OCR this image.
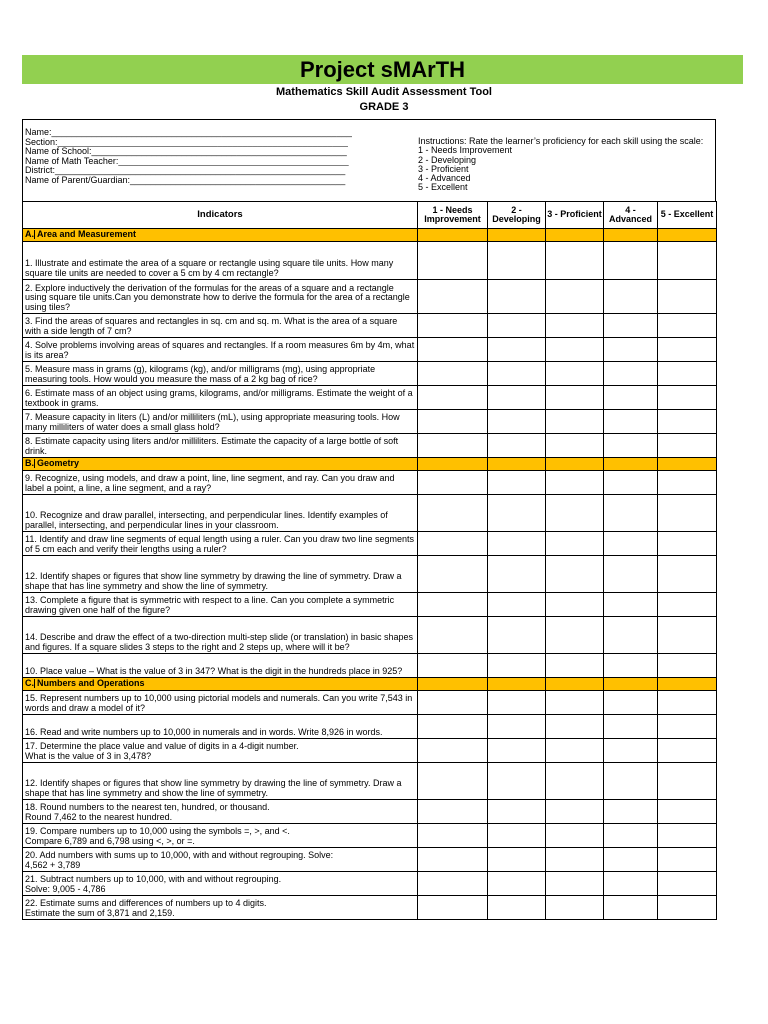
Project sMArTH
Mathematics Skill Audit Assessment Tool
GRADE 3
Name:____________________________________________________________
Section:__________________________________________________________
Name of School:___________________________________________________
Name of Math Teacher:______________________________________________
District:__________________________________________________________
Name of Parent/Guardian:___________________________________________
Instructions: Rate the learner’s proficiency for each skill using the scale:
1 - Needs Improvement
2 - Developing
3 - Proficient
4 - Advanced
5 - Excellent
Indicators	1 - Needs Improvement	2 - Developing	3 - Proficient	4 - Advanced	5 - Excellent
A. Area and Measurement					
1. Illustrate and estimate the area of a square or rectangle using square tile units. How many square tile units are needed to cover a 5 cm by 4 cm rectangle?					
2. Explore inductively the derivation of the formulas for the areas of a square and a rectangle using square tile units.Can you demonstrate how to derive the formula for the area of a rectangle using tiles?					
3. Find the areas of squares and rectangles in sq. cm and sq. m. What is the area of a square with a side length of 7 cm?					
4. Solve problems involving areas of squares and rectangles. If a room measures 6m by 4m, what is its area?					
5. Measure mass in grams (g), kilograms (kg), and/or milligrams (mg), using appropriate measuring tools. How would you measure the mass of a 2 kg bag of rice?					
6. Estimate mass of an object using grams, kilograms, and/or milligrams. Estimate the weight of a textbook in grams.					
7. Measure capacity in liters (L) and/or milliliters (mL), using appropriate measuring tools. How many milliliters of water does a small glass hold?					
8. Estimate capacity using liters and/or milliliters. Estimate the capacity of a large bottle of soft drink.					
B. Geometry					
9. Recognize, using models, and draw a point, line, line segment, and ray. Can you draw and label a point, a line, a line segment, and a ray?					
10. Recognize and draw parallel, intersecting, and perpendicular lines. Identify examples of parallel, intersecting, and perpendicular lines in your classroom.					
11. Identify and draw line segments of equal length using a ruler. Can you draw two line segments of 5 cm each and verify their lengths using a ruler?					
12. Identify shapes or figures that show line symmetry by drawing the line of symmetry. Draw a shape that has line symmetry and show the line of symmetry.					
13. Complete a figure that is symmetric with respect to a line. Can you complete a symmetric drawing given one half of the figure?					
14. Describe and draw the effect of a two-direction multi-step slide (or translation) in basic shapes and figures. If a square slides 3 steps to the right and 2 steps up, where will it be?					
10. Place value – What is the value of 3 in 347? What is the digit in the hundreds place in 925?					
C. Numbers and Operations					
15. Represent numbers up to 10,000 using pictorial models and numerals. Can you write 7,543 in words and draw a model of it?					
16. Read and write numbers up to 10,000 in numerals and in words. Write 8,926 in words.					
17. Determine the place value and value of digits in a 4-digit number.
What is the value of 3 in 3,478?					
12. Identify shapes or figures that show line symmetry by drawing the line of symmetry. Draw a shape that has line symmetry and show the line of symmetry.					
18. Round numbers to the nearest ten, hundred, or thousand.
Round 7,462 to the nearest hundred.					
19. Compare numbers up to 10,000 using the symbols =, >, and <.
Compare 6,789 and 6,798 using <, >, or =.					
20. Add numbers with sums up to 10,000, with and without regrouping. Solve:
4,562 + 3,789					
21. Subtract numbers up to 10,000, with and without regrouping.
Solve: 9,005 - 4,786					
22. Estimate sums and differences of numbers up to 4 digits.
Estimate the sum of 3,871 and 2,159.					
